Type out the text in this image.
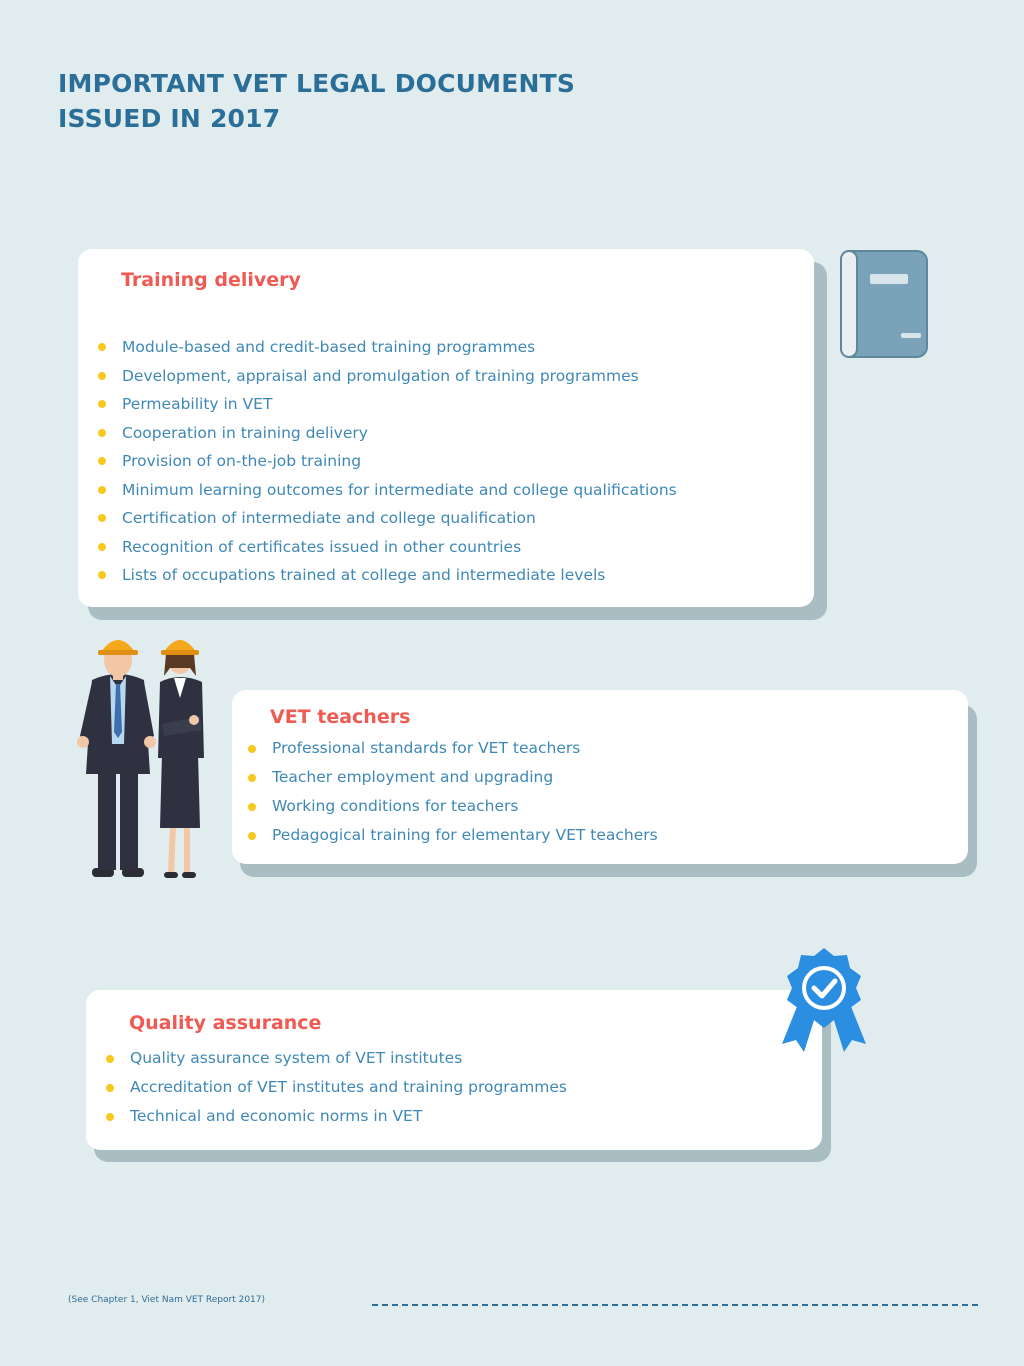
IMPORTANT VET LEGAL DOCUMENTS
ISSUED IN 2017
Training delivery
Module-based and credit-based training programmes
Development, appraisal and promulgation of training programmes
Permeability in VET
Cooperation in training delivery
Provision of on-the-job training
Minimum learning outcomes for intermediate and college qualifications
Certification of intermediate and college qualification
Recognition of certificates issued in other countries
Lists of occupations trained at college and intermediate levels
VET teachers
Professional standards for VET teachers
Teacher employment and upgrading
Working conditions for teachers
Pedagogical training for elementary VET teachers
Quality assurance
Quality assurance system of VET institutes
Accreditation of VET institutes and training programmes
Technical and economic norms in VET
(See Chapter 1, Viet Nam VET Report 2017)
